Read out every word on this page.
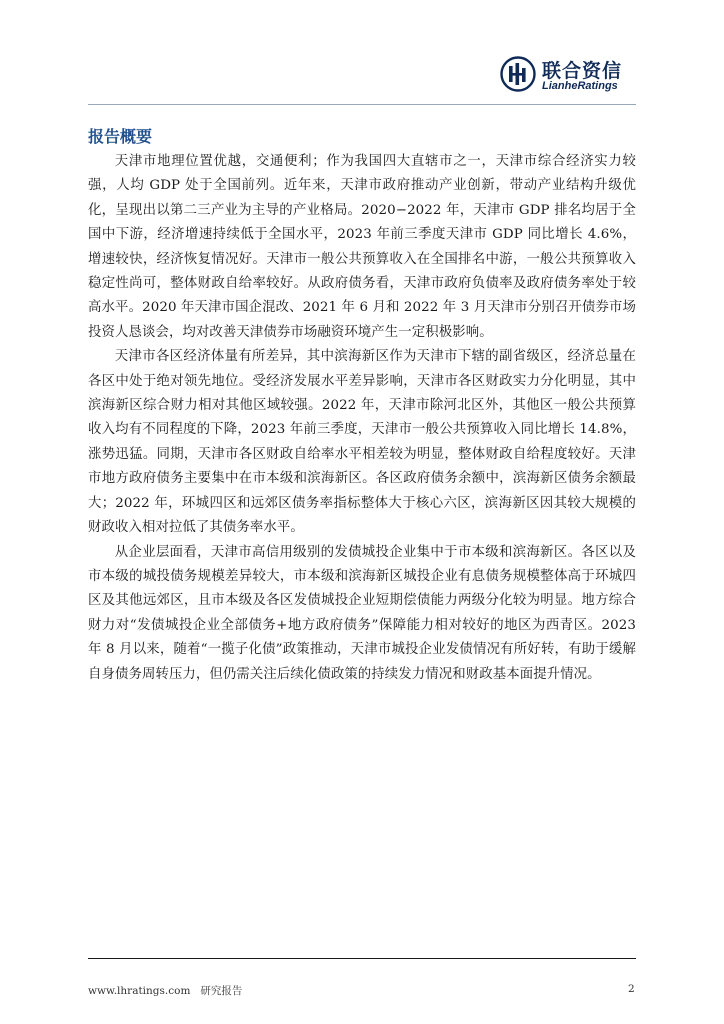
联合资信
LianheRatings
报告概要

天津市地理位置优越，交通便利；作为我国四大直辖市之一，天津市综合经济实力较强，人均 GDP 处于全国前列。近年来，天津市政府推动产业创新，带动产业结构升级优化，呈现出以第二三产业为主导的产业格局。2020−2022 年，天津市 GDP 排名均居于全国中下游，经济增速持续低于全国水平，2023 年前三季度天津市 GDP 同比增长 4.6%，增速较快，经济恢复情况好。天津市一般公共预算收入在全国排名中游，一般公共预算收入稳定性尚可，整体财政自给率较好。从政府债务看，天津市政府负债率及政府债务率处于较高水平。2020 年天津市国企混改、2021 年 6 月和 2022 年 3 月天津市分别召开债券市场投资人恳谈会，均对改善天津债券市场融资环境产生一定积极影响。

天津市各区经济体量有所差异，其中滨海新区作为天津市下辖的副省级区，经济总量在各区中处于绝对领先地位。受经济发展水平差异影响，天津市各区财政实力分化明显，其中滨海新区综合财力相对其他区域较强。2022 年，天津市除河北区外，其他区一般公共预算收入均有不同程度的下降，2023 年前三季度，天津市一般公共预算收入同比增长 14.8%，涨势迅猛。同期，天津市各区财政自给率水平相差较为明显，整体财政自给程度较好。天津市地方政府债务主要集中在市本级和滨海新区。各区政府债务余额中，滨海新区债务余额最大；2022 年，环城四区和远郊区债务率指标整体大于核心六区，滨海新区因其较大规模的财政收入相对拉低了其债务率水平。

从企业层面看，天津市高信用级别的发债城投企业集中于市本级和滨海新区。各区以及市本级的城投债务规模差异较大，市本级和滨海新区城投企业有息债务规模整体高于环城四区及其他远郊区，且市本级及各区发债城投企业短期偿债能力两级分化较为明显。地方综合财力对“发债城投企业全部债务+地方政府债务”保障能力相对较好的地区为西青区。2023 年 8 月以来，随着“一揽子化债”政策推动，天津市城投企业发债情况有所好转，有助于缓解自身债务周转压力，但仍需关注后续化债政策的持续发力情况和财政基本面提升情况。

www.lhratings.com 研究报告	2
